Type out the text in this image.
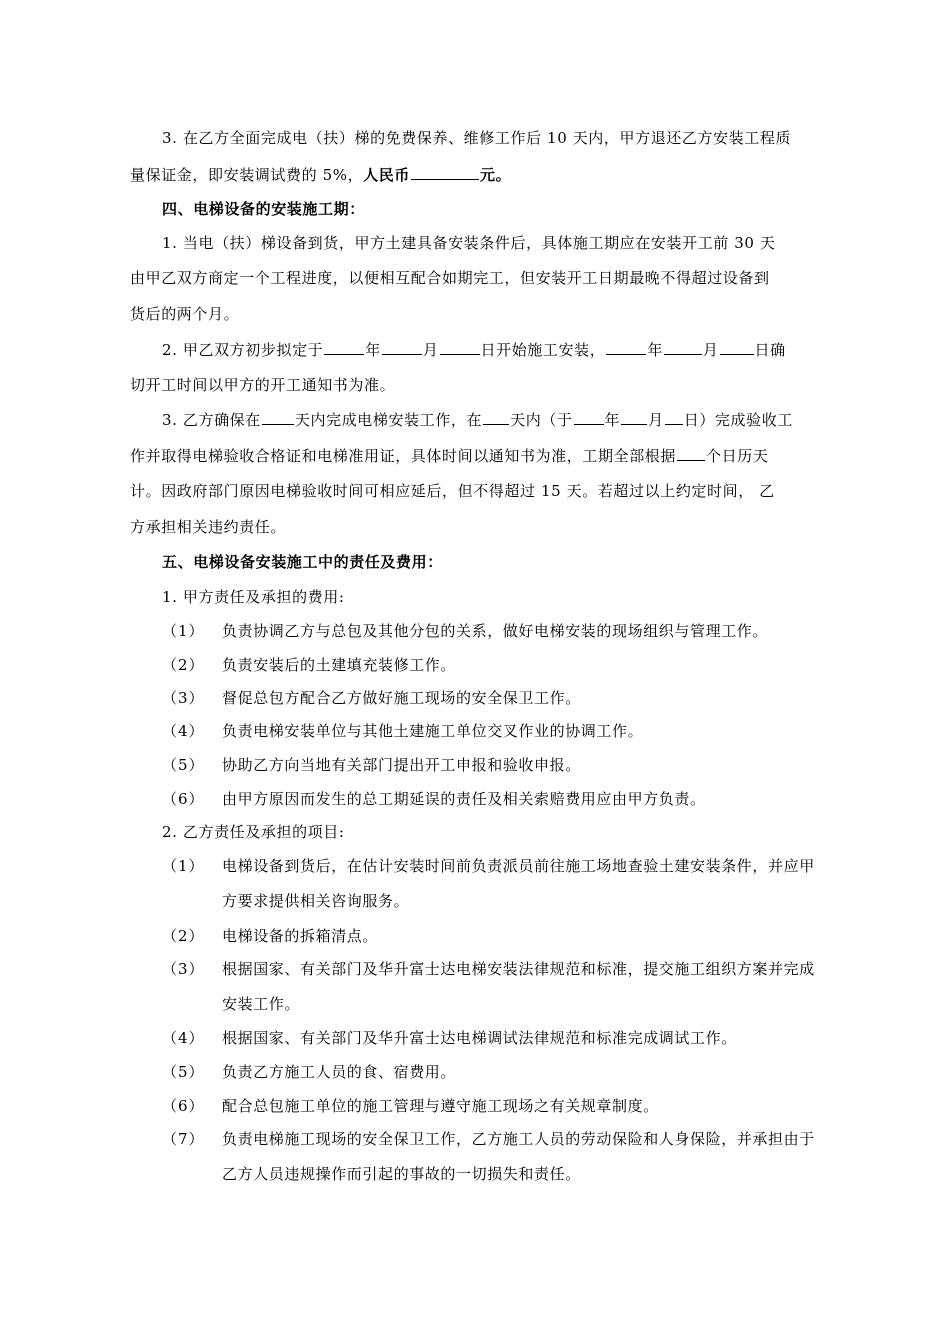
3. 在乙方全面完成电（扶）梯的免费保养、维修工作后 10 天内，甲方退还乙方安装工程质
量保证金，即安装调试费的 5%，人民币	元。
四、电梯设备的安装施工期：
1. 当电（扶）梯设备到货，甲方土建具备安装条件后，具体施工期应在安装开工前 30 天
由甲乙双方商定一个工程进度，以便相互配合如期完工，但安装开工日期最晚不得超过设备到
货后的两个月。
2. 甲乙双方初步拟定于	年	月	日开始施工安装，	年	月 日确
切开工时间以甲方的开工通知书为准。
3. 乙方确保在 天内完成电梯安装工作，在 天内（于 年 月 日）完成验收工
作并取得电梯验收合格证和电梯准用证，具体时间以通知书为准，工期全部根据 个日历天
计。因政府部门原因电梯验收时间可相应延后，但不得超过 15 天。若超过以上约定时间， 乙
方承担相关违约责任。
五、电梯设备安装施工中的责任及费用：
1. 甲方责任及承担的费用:
（1） 负责协调乙方与总包及其他分包的关系，做好电梯安装的现场组织与管理工作。
（2） 负责安装后的土建填充装修工作。
（3） 督促总包方配合乙方做好施工现场的安全保卫工作。
（4） 负责电梯安装单位与其他土建施工单位交叉作业的协调工作。
（5） 协助乙方向当地有关部门提出开工申报和验收申报。
（6） 由甲方原因而发生的总工期延误的责任及相关索赔费用应由甲方负责。
2. 乙方责任及承担的项目:
（1） 电梯设备到货后，在估计安装时间前负责派员前往施工场地查验土建安装条件，并应甲
方要求提供相关咨询服务。
（2） 电梯设备的拆箱清点。
（3） 根据国家、有关部门及华升富士达电梯安装法律规范和标准，提交施工组织方案并完成
安装工作。
（4） 根据国家、有关部门及华升富士达电梯调试法律规范和标准完成调试工作。
（5） 负责乙方施工人员的食、宿费用。
（6） 配合总包施工单位的施工管理与遵守施工现场之有关规章制度。
（7） 负责电梯施工现场的安全保卫工作，乙方施工人员的劳动保险和人身保险，并承担由于
乙方人员违规操作而引起的事故的一切损失和责任。
